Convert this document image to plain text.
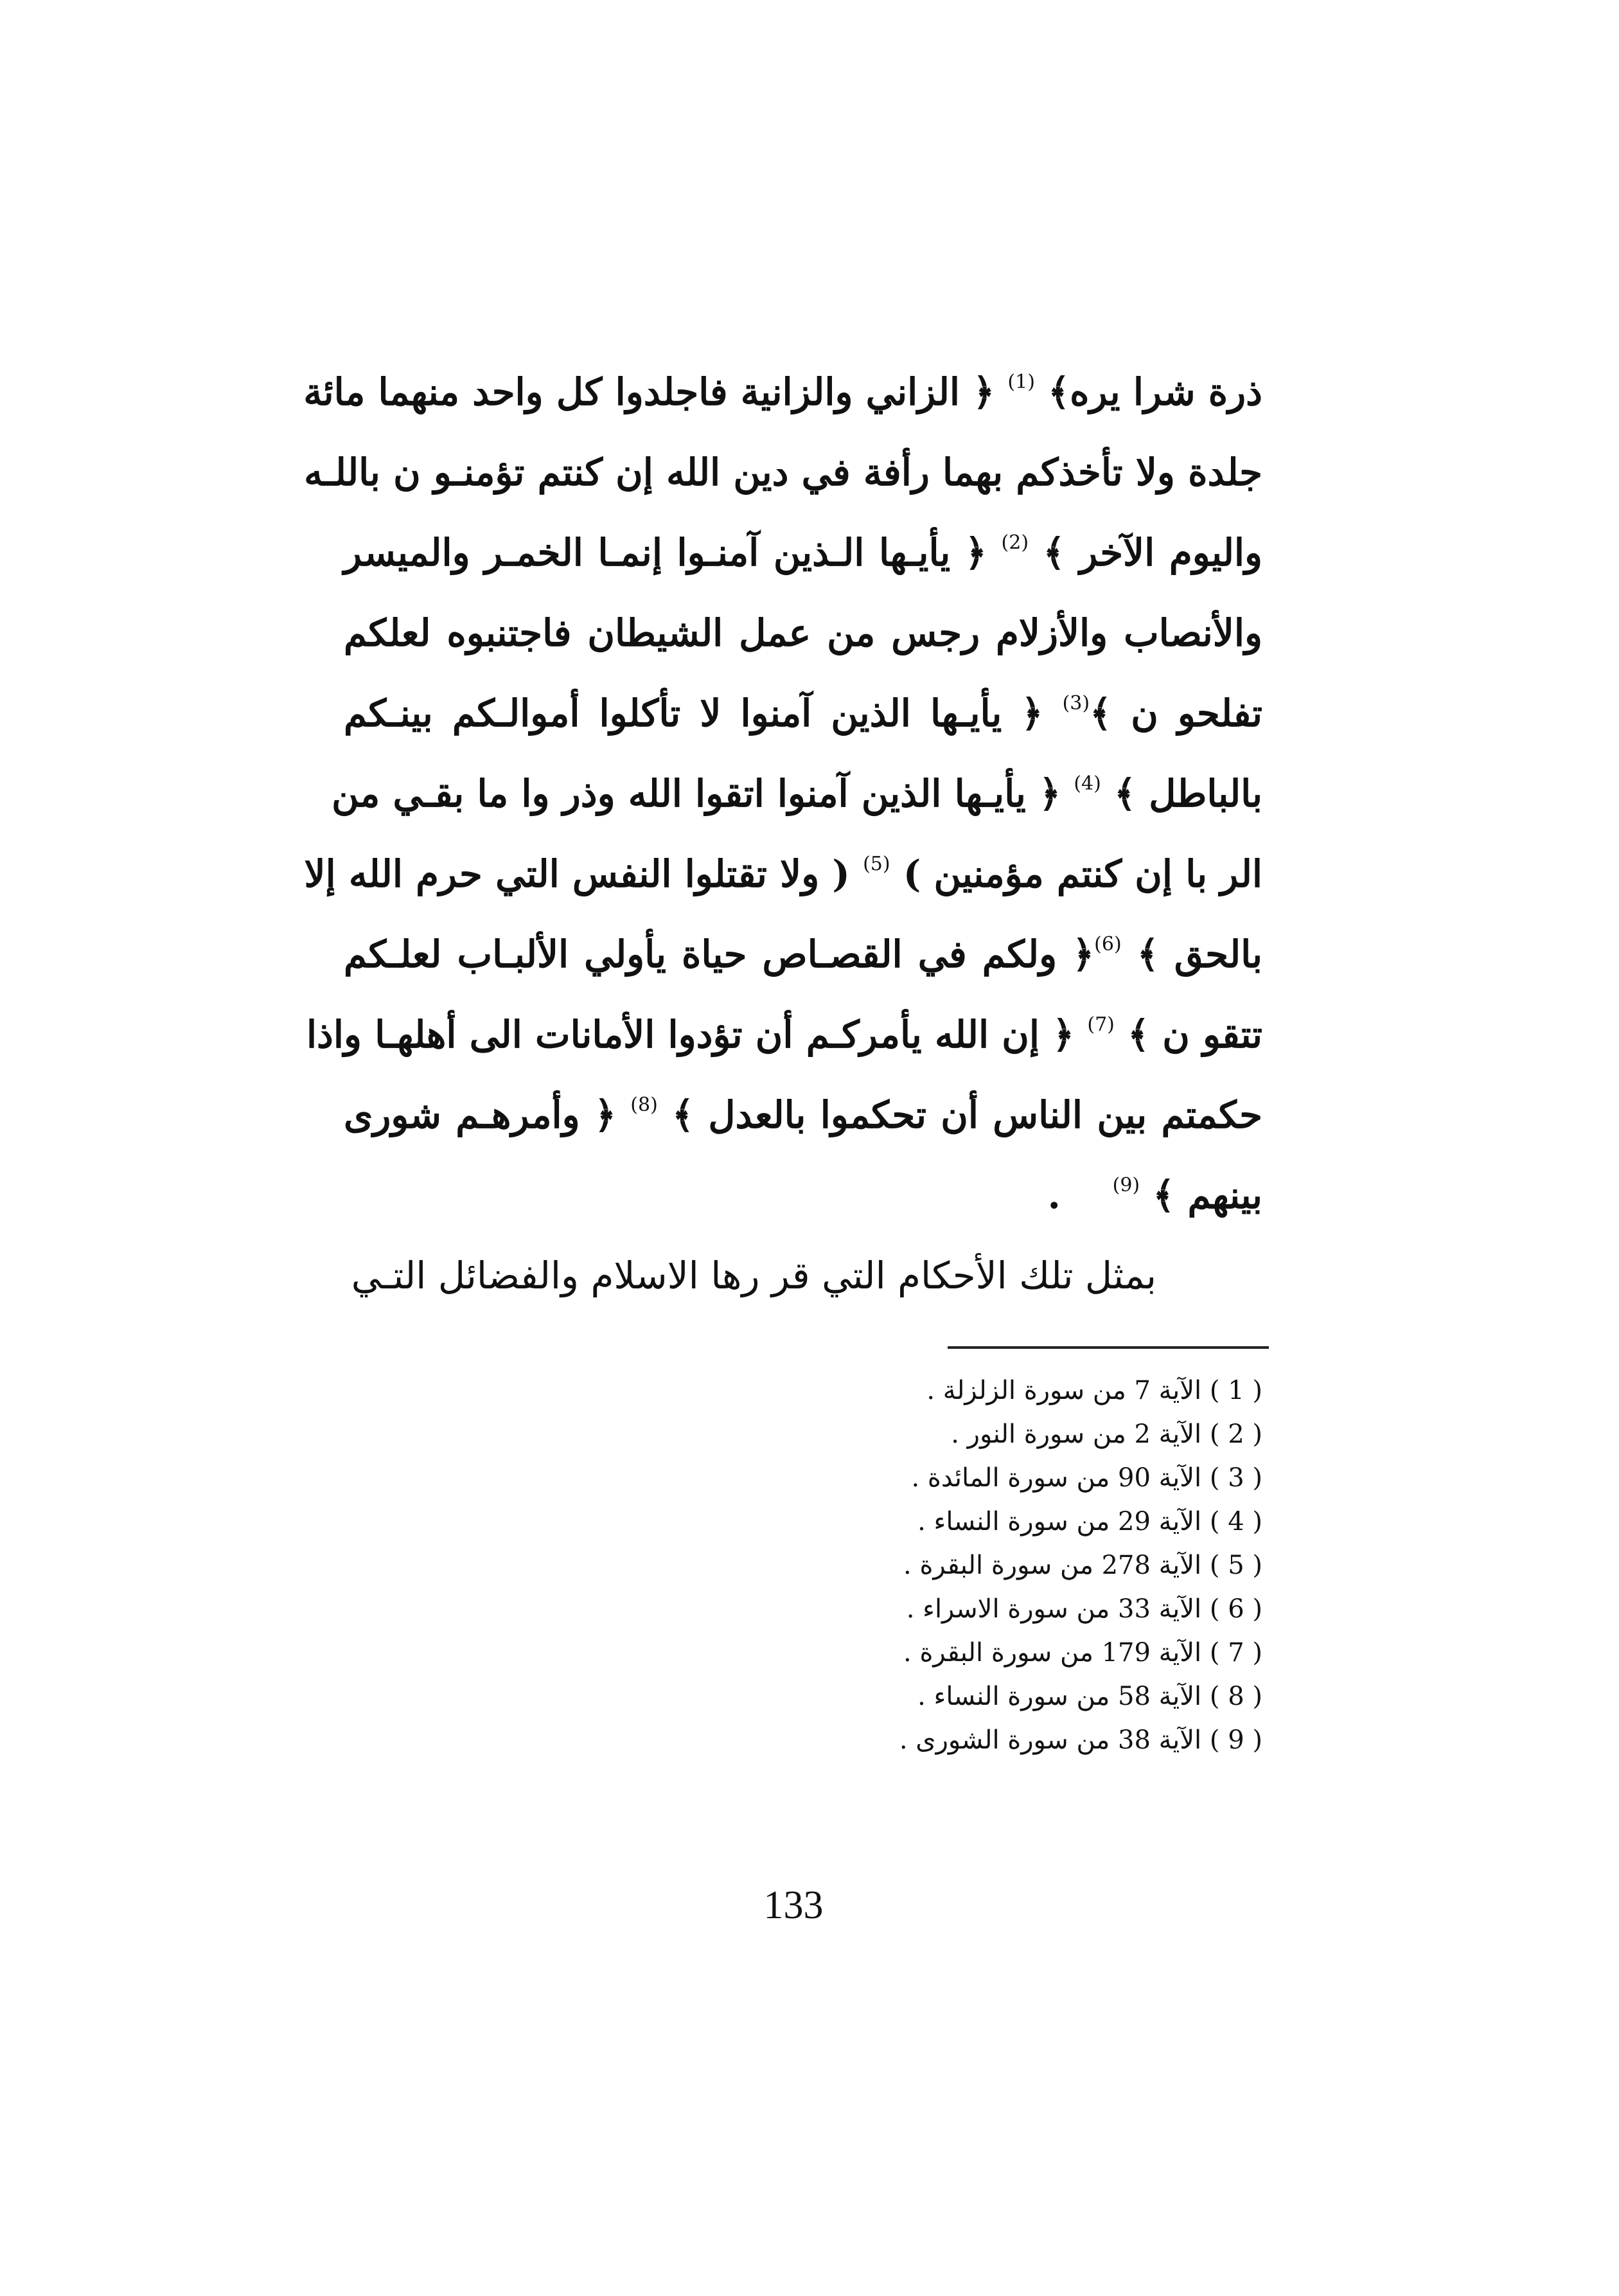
ذرة شرا يره﴾ $^{(1)}$ ﴿ الزاني والزانية فاجلدوا كل واحد منهما مائة
جلدة ولا تأخذكم بهما رأفة في دين الله إن كنتم تؤمنـو ن باللـه
واليوم الآخر ﴾ $^{(2)}$ ﴿ يأيـها الـذين آمنـوا إنمـا الخمـر والميسر
والأنصاب والأزلام رجس من عمل الشيطان فاجتنبوه لعلكم
تفلحو ن ﴾$^{(3)}$ ﴿ يأيـها الذين آمنوا لا تأكلوا أموالـكم بينـكم
بالباطل ﴾ $^{(4)}$ ﴿ يأيـها الذين آمنوا اتقوا الله وذر وا ما بقـي من
الر با إن كنتم مؤمنين ) $^{(5)}$ ( ولا تقتلوا النفس التي حرم الله إلا
بالحق ﴾ $^{(6)}$﴿ ولكم في القصـاص حياة يأولي الألبـاب لعلـكم
تتقو ن ﴾ $^{(7)}$ ﴿ إن الله يأمركـم أن تؤدوا الأمانات الى أهلهـا واذا
حكمتم بين الناس أن تحكموا بالعدل ﴾ $^{(8)}$ ﴿ وأمرهـم شورى
بينهم ﴾ $^{(9)}$    .
بمثل تلك الأحكام التي قر رها الاسلام والفضائل التـي
( 1 ) الآية 7 من سورة الزلزلة .
( 2 ) الآية 2 من سورة النور .
( 3 ) الآية 90 من سورة المائدة .
( 4 ) الآية 29 من سورة النساء .
( 5 ) الآية 278 من سورة البقرة .
( 6 ) الآية 33 من سورة الاسراء .
( 7 ) الآية 179 من سورة البقرة .
( 8 ) الآية 58 من سورة النساء .
( 9 ) الآية 38 من سورة الشورى .
133
